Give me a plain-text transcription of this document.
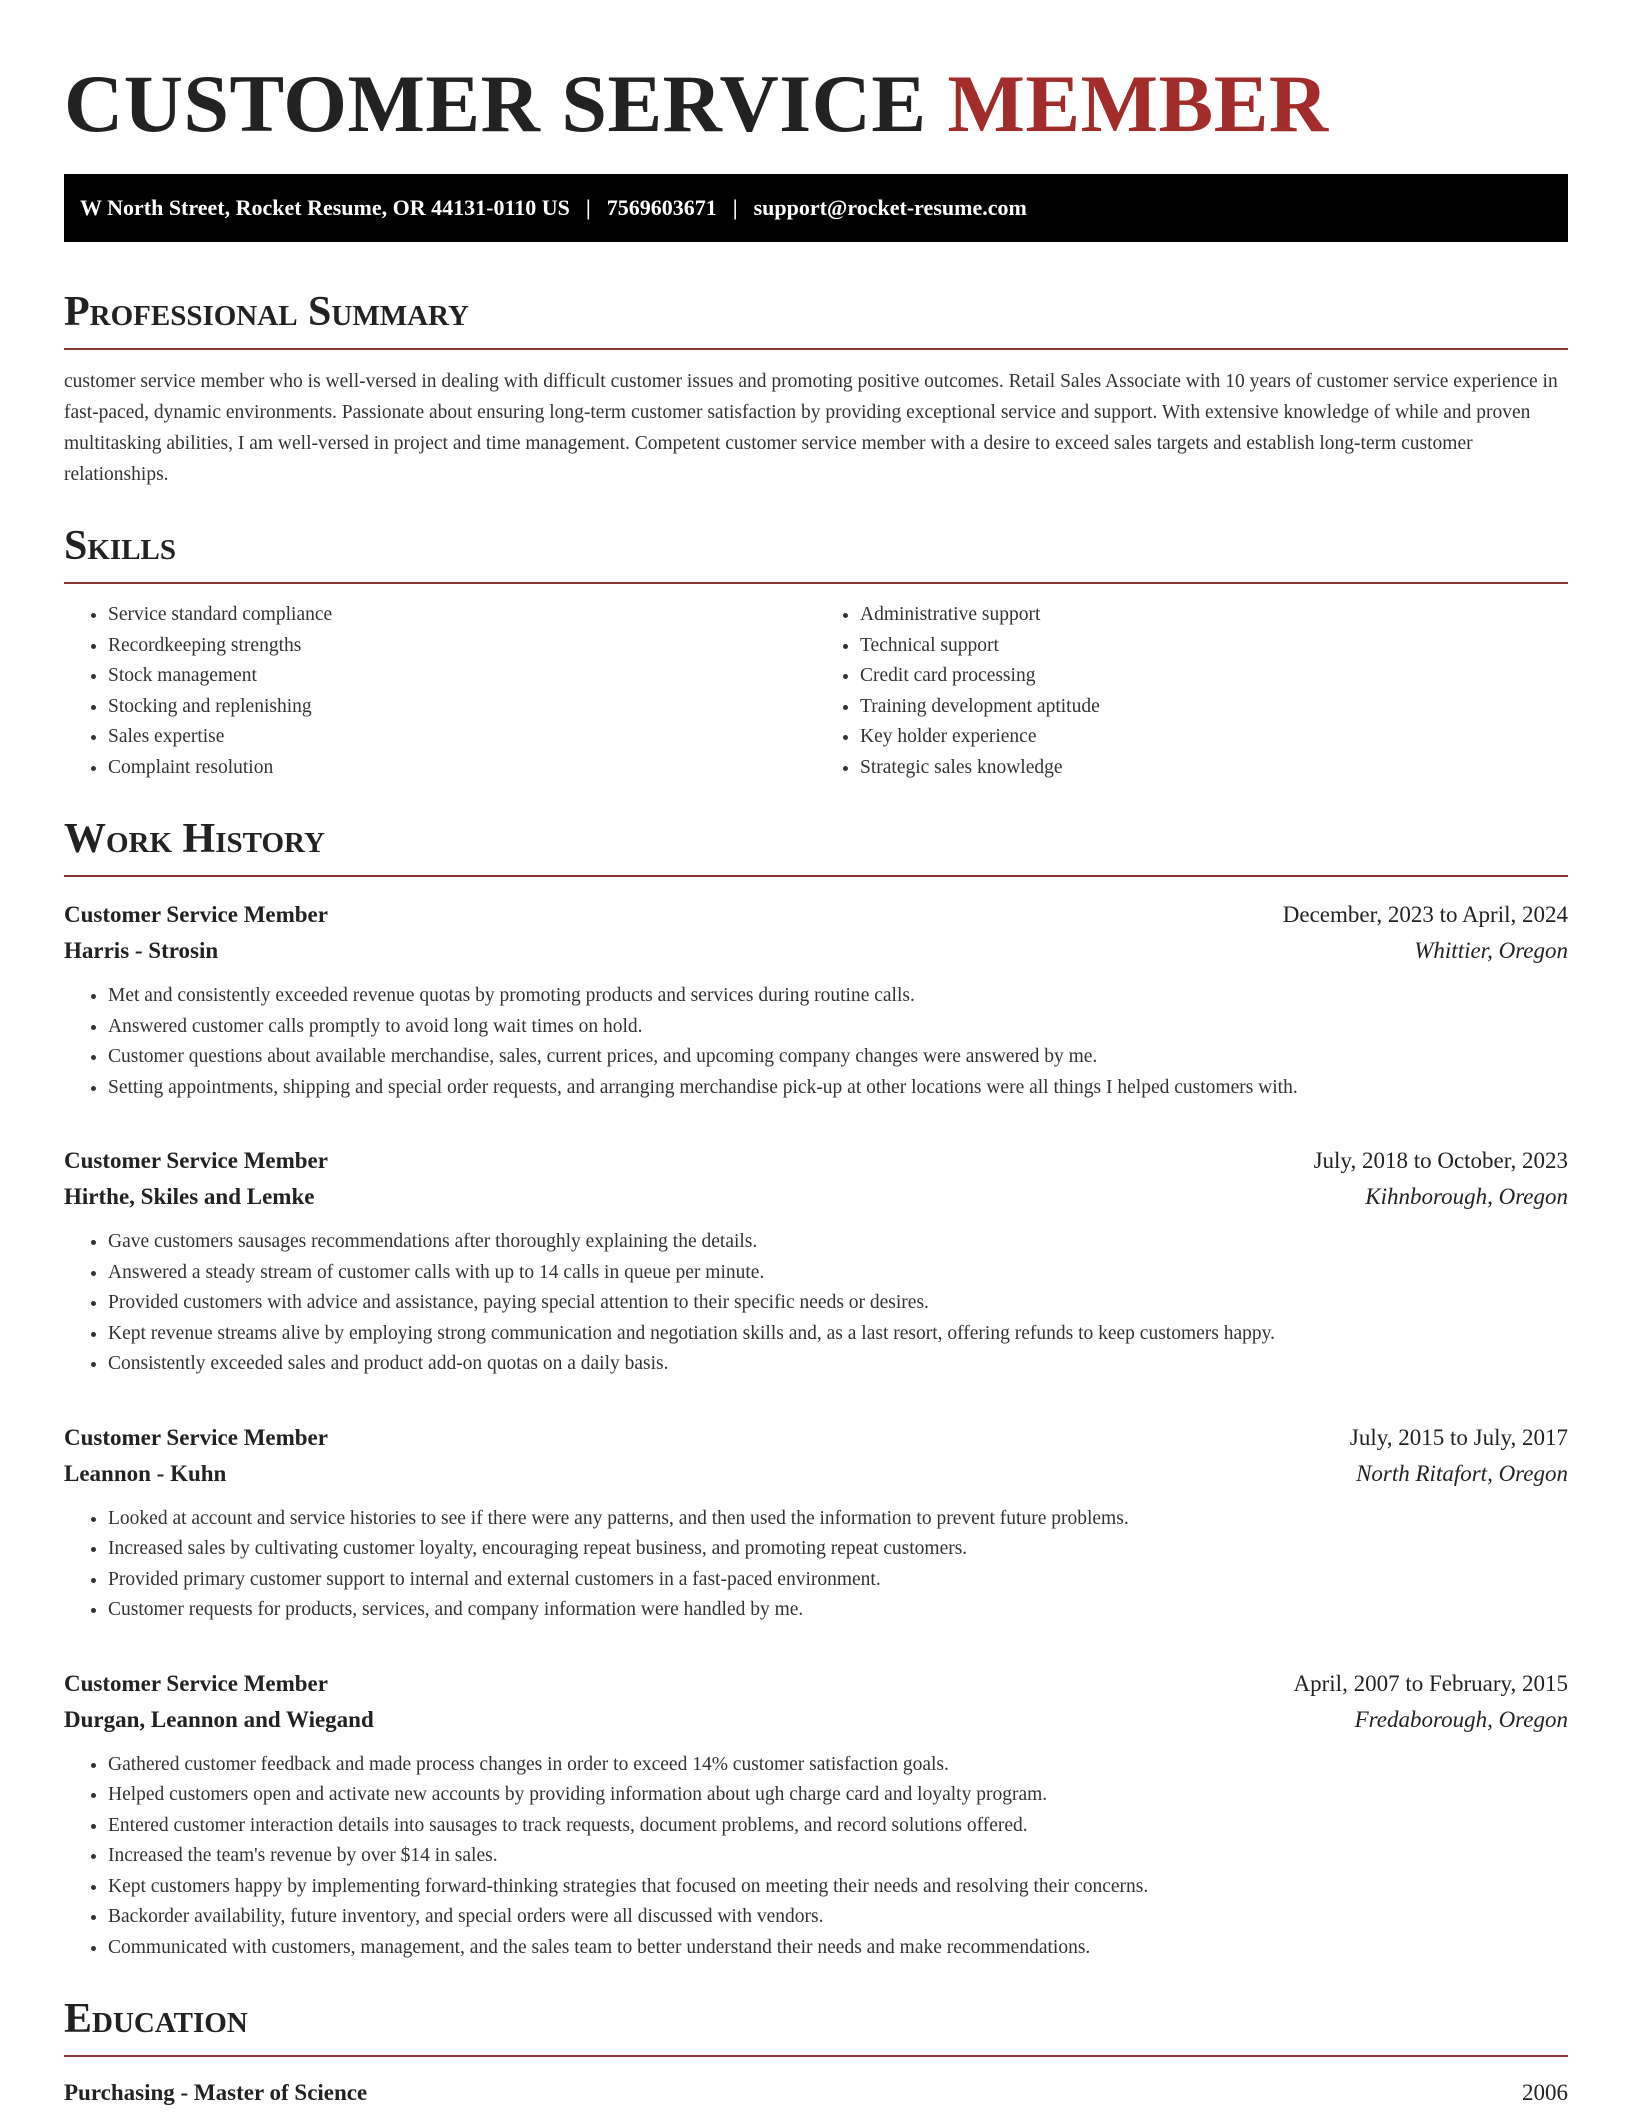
CUSTOMER SERVICE MEMBER
W North Street, Rocket Resume, OR 44131-0110 US | 7569603671 | support@rocket-resume.com
Professional Summary

customer service member who is well-versed in dealing with difficult customer issues and promoting positive outcomes. Retail Sales Associate with 10 years of customer service experience in fast-paced, dynamic environments. Passionate about ensuring long-term customer satisfaction by providing exceptional service and support. With extensive knowledge of while and proven multitasking abilities, I am well-versed in project and time management. Competent customer service member with a desire to exceed sales targets and establish long-term customer relationships.

Skills
• Service standard compliance
• Recordkeeping strengths
• Stock management
• Stocking and replenishing
• Sales expertise
• Complaint resolution
• Administrative support
• Technical support
• Credit card processing
• Training development aptitude
• Key holder experience
• Strategic sales knowledge
Work History
Customer Service Member	December, 2023 to April, 2024
Harris - Strosin	Whittier, Oregon
• Met and consistently exceeded revenue quotas by promoting products and services during routine calls.
• Answered customer calls promptly to avoid long wait times on hold.
• Customer questions about available merchandise, sales, current prices, and upcoming company changes were answered by me.
• Setting appointments, shipping and special order requests, and arranging merchandise pick-up at other locations were all things I helped customers with.
Customer Service Member	July, 2018 to October, 2023
Hirthe, Skiles and Lemke	Kihnborough, Oregon
• Gave customers sausages recommendations after thoroughly explaining the details.
• Answered a steady stream of customer calls with up to 14 calls in queue per minute.
• Provided customers with advice and assistance, paying special attention to their specific needs or desires.
• Kept revenue streams alive by employing strong communication and negotiation skills and, as a last resort, offering refunds to keep customers happy.
• Consistently exceeded sales and product add-on quotas on a daily basis.
Customer Service Member	July, 2015 to July, 2017
Leannon - Kuhn	North Ritafort, Oregon
• Looked at account and service histories to see if there were any patterns, and then used the information to prevent future problems.
• Increased sales by cultivating customer loyalty, encouraging repeat business, and promoting repeat customers.
• Provided primary customer support to internal and external customers in a fast-paced environment.
• Customer requests for products, services, and company information were handled by me.
Customer Service Member	April, 2007 to February, 2015
Durgan, Leannon and Wiegand	Fredaborough, Oregon
• Gathered customer feedback and made process changes in order to exceed 14% customer satisfaction goals.
• Helped customers open and activate new accounts by providing information about ugh charge card and loyalty program.
• Entered customer interaction details into sausages to track requests, document problems, and record solutions offered.
• Increased the team's revenue by over $14 in sales.
• Kept customers happy by implementing forward-thinking strategies that focused on meeting their needs and resolving their concerns.
• Backorder availability, future inventory, and special orders were all discussed with vendors.
• Communicated with customers, management, and the sales team to better understand their needs and make recommendations.
Education
Purchasing - Master of Science	2006
